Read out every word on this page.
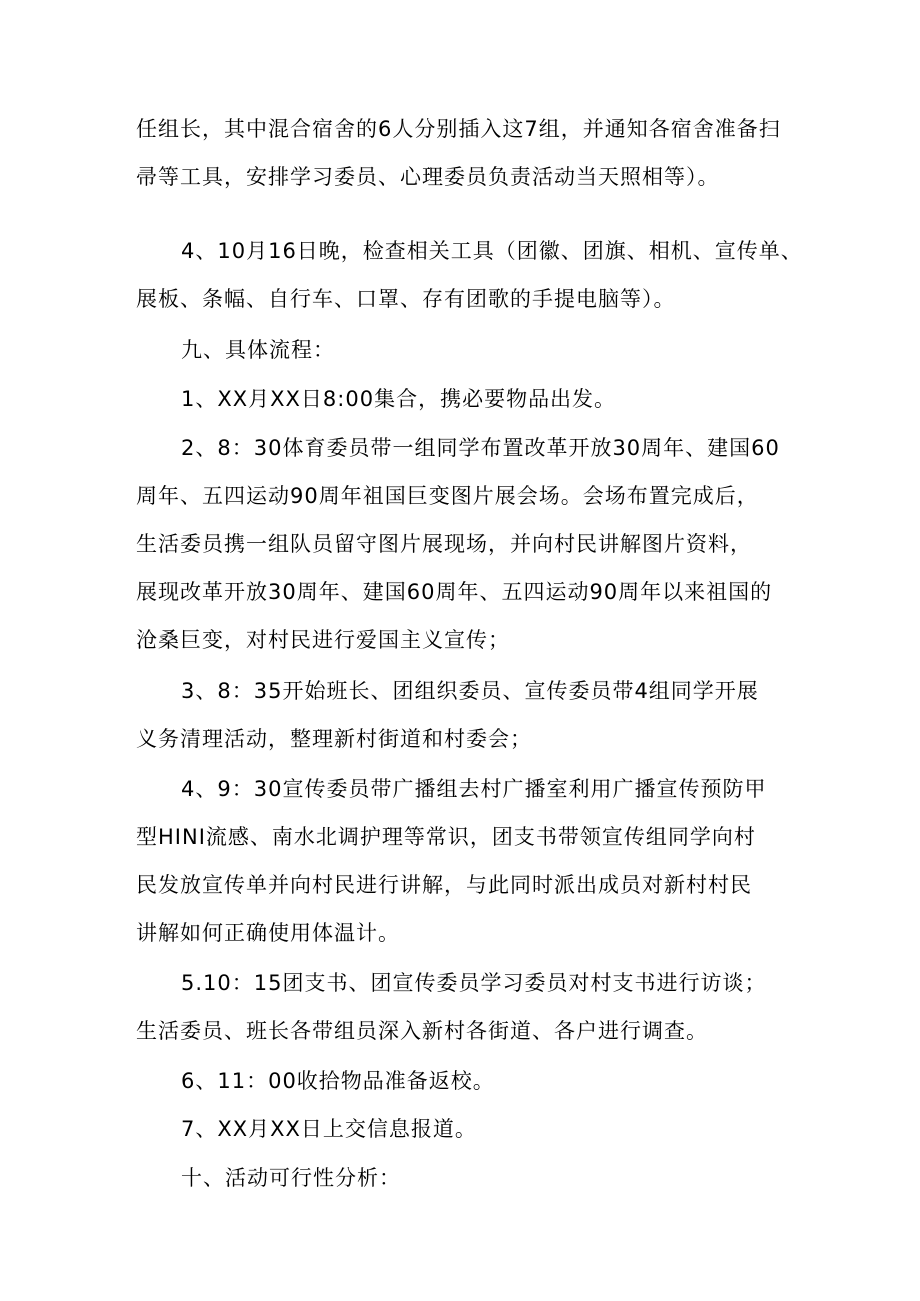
任组长，其中混合宿舍的6人分别插入这7组，并通知各宿舍准备扫
帚等工具，安排学习委员、心理委员负责活动当天照相等）。
4、10月16日晚，检查相关工具（团徽、团旗、相机、宣传单、
展板、条幅、自行车、口罩、存有团歌的手提电脑等）。
九、具体流程：
1、XX月XX日8:00集合，携必要物品出发。
2、8：30体育委员带一组同学布置改革开放30周年、建国60
周年、五四运动90周年祖国巨变图片展会场。会场布置完成后，
生活委员携一组队员留守图片展现场，并向村民讲解图片资料，
展现改革开放30周年、建国60周年、五四运动90周年以来祖国的
沧桑巨变，对村民进行爱国主义宣传；
3、8：35开始班长、团组织委员、宣传委员带4组同学开展
义务清理活动，整理新村街道和村委会；
4、9：30宣传委员带广播组去村广播室利用广播宣传预防甲
型HINI流感、南水北调护理等常识，团支书带领宣传组同学向村
民发放宣传单并向村民进行讲解，与此同时派出成员对新村村民
讲解如何正确使用体温计。
5.10：15团支书、团宣传委员学习委员对村支书进行访谈；
生活委员、班长各带组员深入新村各街道、各户进行调查。
6、11：00收拾物品准备返校。
7、XX月XX日上交信息报道。
十、活动可行性分析：
